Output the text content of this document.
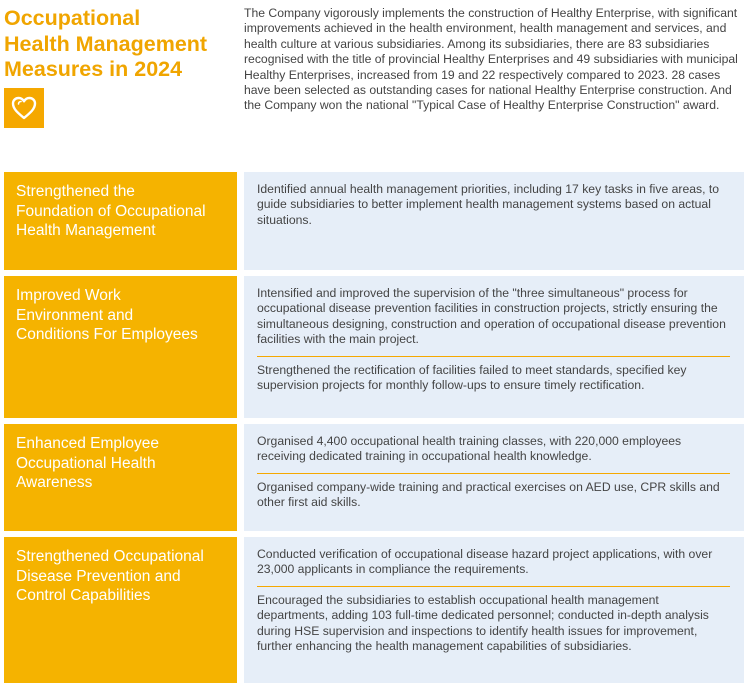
Occupational
Health Management
Measures in 2024
The Company vigorously implements the construction of Healthy Enterprise, with significant improvements achieved in the health environment, health management and services, and health culture at various subsidiaries. Among its subsidiaries, there are 83 subsidiaries recognised with the title of provincial Healthy Enterprises and 49 subsidiaries with municipal Healthy Enterprises, increased from 19 and 22 respectively compared to 2023. 28 cases have been selected as outstanding cases for national Healthy Enterprise construction. And the Company won the national "Typical Case of Healthy Enterprise Construction" award.
Strengthened the
Foundation of Occupational
Health Management
Identified annual health management priorities, including 17 key tasks in five areas, to guide subsidiaries to better implement health management systems based on actual situations.
Improved Work
Environment and
Conditions For Employees
Intensified and improved the supervision of the "three simultaneous" process for occupational disease prevention facilities in construction projects, strictly ensuring the simultaneous designing, construction and operation of occupational disease prevention facilities with the main project.
Strengthened the rectification of facilities failed to meet standards, specified key supervision projects for monthly follow-ups to ensure timely rectification.
Enhanced Employee
Occupational Health
Awareness
Organised 4,400 occupational health training classes, with 220,000 employees receiving dedicated training in occupational health knowledge.
Organised company-wide training and practical exercises on AED use, CPR skills and other first aid skills.
Strengthened Occupational
Disease Prevention and
Control Capabilities
Conducted verification of occupational disease hazard project applications, with over 23,000 applicants in compliance the requirements.
Encouraged the subsidiaries to establish occupational health management departments, adding 103 full-time dedicated personnel; conducted in-depth analysis during HSE supervision and inspections to identify health issues for improvement, further enhancing the health management capabilities of subsidiaries.
